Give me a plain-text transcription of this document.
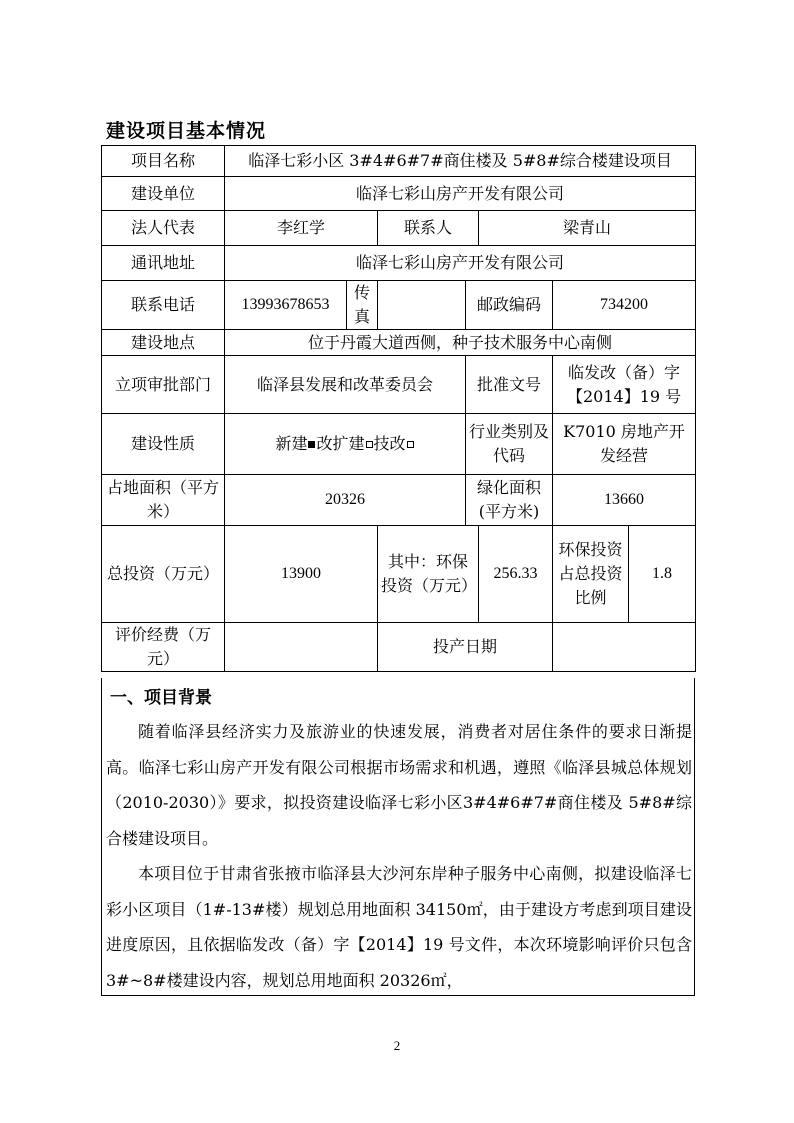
建设项目基本情况
项目名称	临泽七彩小区 3#4#6#7#商住楼及 5#8#综合楼建设项目						
建设单位	临泽七彩山房产开发有限公司						
法人代表	李红学		联系人		梁青山		
通讯地址	临泽七彩山房产开发有限公司						
联系电话	13993678653	传真		邮政编码		734200	
建设地点	位于丹霞大道西侧，种子技术服务中心南侧						
立项审批部门	临泽县发展和改革委员会			批准文号		临发改（备）字【2014】19 号	
建设性质	新建 改扩建 技改			行业类别及代码		K7010 房地产开发经营	
占地面积（平方米）	20326			绿化面积(平方米)		13660	
总投资（万元）	13900		其中：环保投资（万元）		256.33	环保投资占总投资比例	1.8
评价经费（万元）			投产日期				
一、项目背景
随着临泽县经济实力及旅游业的快速发展，消费者对居住条件的要求日渐提高。临泽七彩山房产开发有限公司根据市场需求和机遇，遵照《临泽县城总体规划（2010-2030）》要求，拟投资建设临泽七彩小区3#4#6#7#商住楼及 5#8#综合楼建设项目。
本项目位于甘肃省张掖市临泽县大沙河东岸种子服务中心南侧，拟建设临泽七彩小区项目（1#-13#楼）规划总用地面积 34150㎡，由于建设方考虑到项目建设进度原因，且依据临发改（备）字【2014】19 号文件，本次环境影响评价只包含 3#~8#楼建设内容，规划总用地面积 20326㎡，
2
